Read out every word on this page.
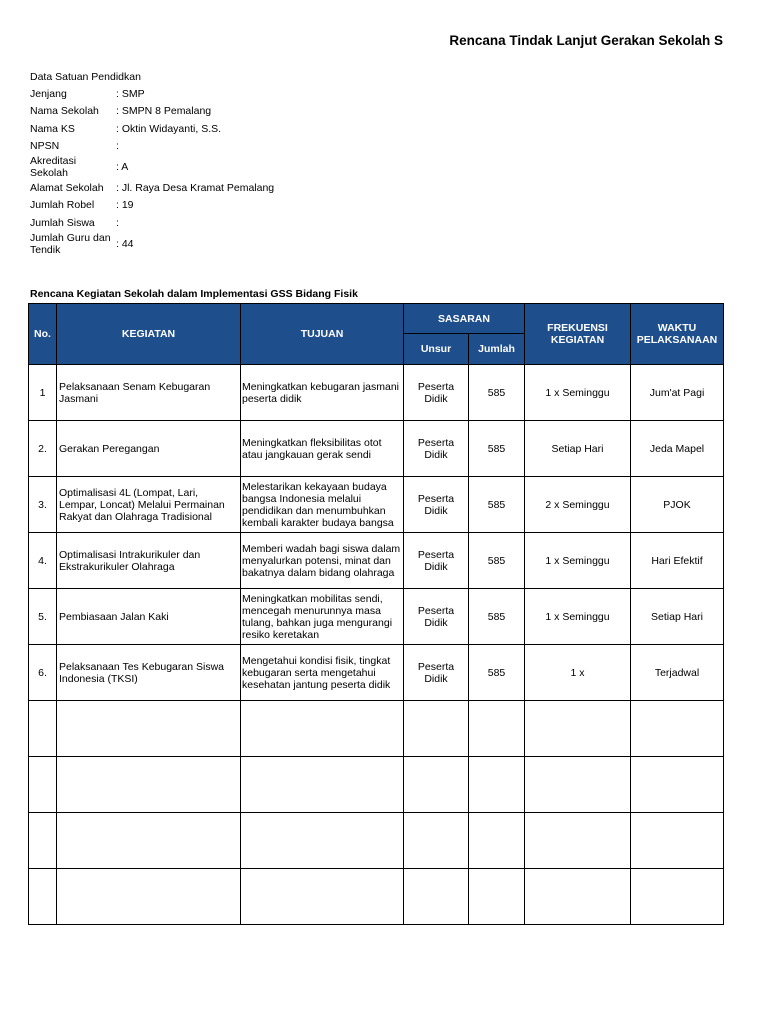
Rencana Tindak Lanjut Gerakan Sekolah S
Data Satuan Pendidkan
Jenjang	: SMP
Nama Sekolah	: SMPN 8 Pemalang
Nama KS	: Oktin Widayanti, S.S.
NPSN	:
Akreditasi Sekolah	: A
Alamat Sekolah	: Jl. Raya Desa Kramat Pemalang
Jumlah Robel	: 19
Jumlah Siswa	:
Jumlah Guru dan Tendik	: 44
Rencana Kegiatan Sekolah dalam Implementasi GSS Bidang Fisik
No.	KEGIATAN	TUJUAN	SASARAN		FREKUENSI KEGIATAN	WAKTU PELAKSANAAN
			Unsur	Jumlah		
1	Pelaksanaan Senam Kebugaran Jasmani	Meningkatkan kebugaran jasmani peserta didik	Peserta Didik	585	1 x Seminggu	Jum'at Pagi
2.	Gerakan Peregangan	Meningkatkan fleksibilitas otot atau jangkauan gerak sendi	Peserta Didik	585	Setiap Hari	Jeda Mapel
3.	Optimalisasi 4L (Lompat, Lari, Lempar, Loncat) Melalui Permainan Rakyat dan Olahraga Tradisional	Melestarikan kekayaan budaya bangsa Indonesia melalui pendidikan dan menumbuhkan kembali karakter budaya bangsa	Peserta Didik	585	2 x Seminggu	PJOK
4.	Optimalisasi Intrakurikuler dan Ekstrakurikuler Olahraga	Memberi wadah bagi siswa dalam menyalurkan potensi, minat dan bakatnya dalam bidang olahraga	Peserta Didik	585	1 x Seminggu	Hari Efektif
5.	Pembiasaan Jalan Kaki	Meningkatkan mobilitas sendi, mencegah menurunnya masa tulang, bahkan juga mengurangi resiko keretakan	Peserta Didik	585	1 x Seminggu	Setiap Hari
6.	Pelaksanaan Tes Kebugaran Siswa Indonesia (TKSI)	Mengetahui kondisi fisik, tingkat kebugaran serta mengetahui kesehatan jantung peserta didik	Peserta Didik	585	1 x	Terjadwal
